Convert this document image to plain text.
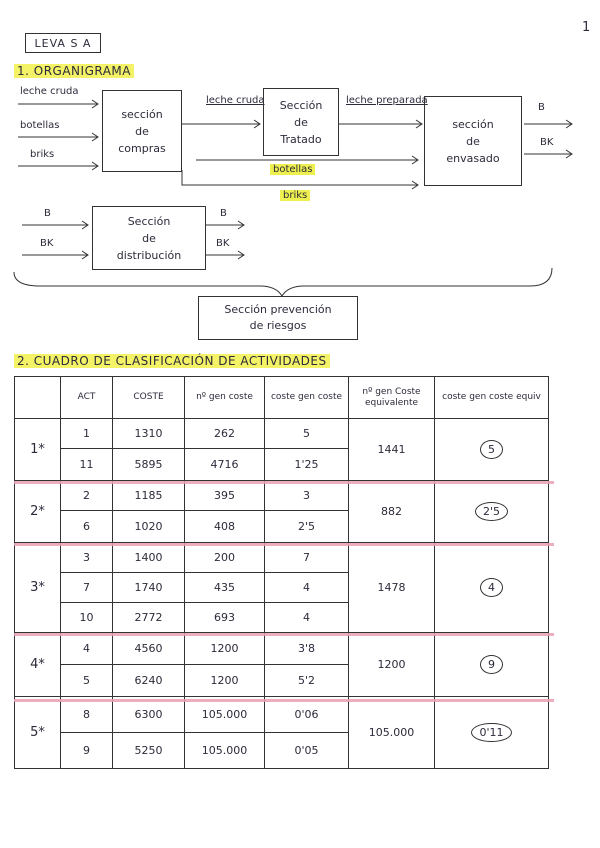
1
LEVA S A
1. ORGANIGRAMA
leche cruda
botellas
briks
sección
de
compras
leche cruda	Sección
de
Tratado
leche preparada
sección
de
envasado
B
BK
botellas
briks
B
BK
Sección
de
distribución
B
BK
Sección prevención
de riesgos
2. CUADRO DE CLASIFICACIÓN DE ACTIVIDADES
	ACT	COSTE	nº gen coste	coste gen coste	nº gen Coste equivalente	coste gen coste equiv
1*	1	1310	262	5	1441	5
	11	5895	4716	1'25		
2*	2	1185	395	3	882	2'5
	6	1020	408	2'5		
3*	3	1400	200	7	1478	4
	7	1740	435	4		
	10	2772	693	4		
4*	4	4560	1200	3'8	1200	9
	5	6240	1200	5'2		
5*	8	6300	105.000	0'06	105.000	0'11
	9	5250	105.000	0'05		
